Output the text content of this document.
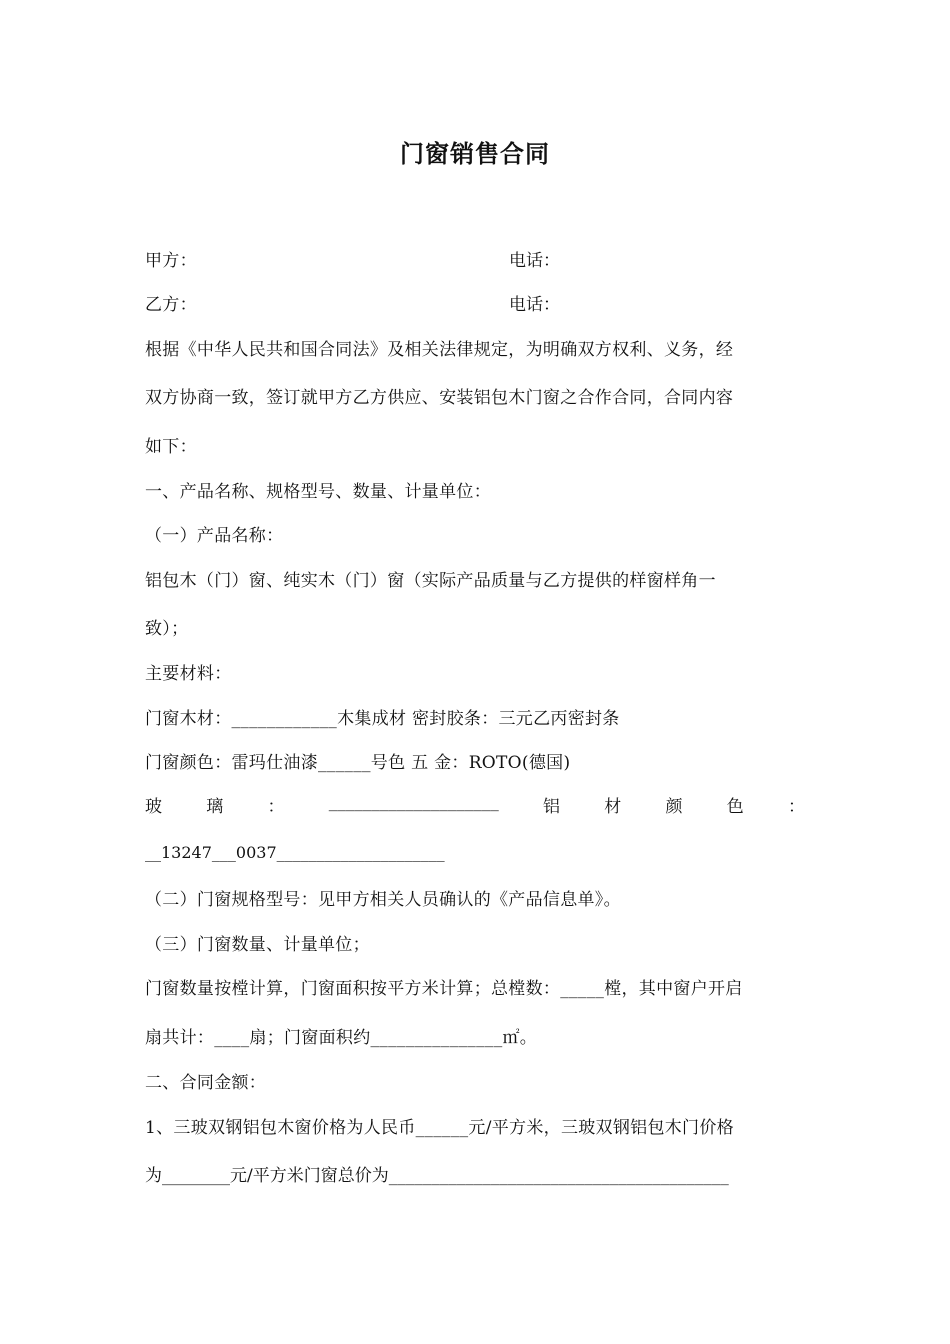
门窗销售合同
甲方：	电话：
乙方：	电话：
根据《中华人民共和国合同法》及相关法律规定，为明确双方权利、义务，经
双方协商一致，签订就甲方乙方供应、安装铝包木门窗之合作合同，合同内容
如下：
一、产品名称、规格型号、数量、计量单位：
（一）产品名称：
铝包木（门）窗、纯实木（门）窗（实际产品质量与乙方提供的样窗样角一
致）；
主要材料：
门窗木材：____________木集成材 密封胶条：三元乙丙密封条
门窗颜色：雷玛仕油漆______号色 五 金：ROTO(德国)
玻	璃	：	____________________	铝	材	颜	色	：
__13247___0037_____________________
（二）门窗规格型号：见甲方相关人员确认的《产品信息单》。
（三）门窗数量、计量单位；
门窗数量按樘计算，门窗面积按平方米计算；总樘数：_____樘，其中窗户开启
扇共计：____扇；门窗面积约_______________㎡。
二、合同金额：
1、三玻双钢铝包木窗价格为人民币______元/平方米，三玻双钢铝包木门价格
为________元/平方米门窗总价为________________________________________
